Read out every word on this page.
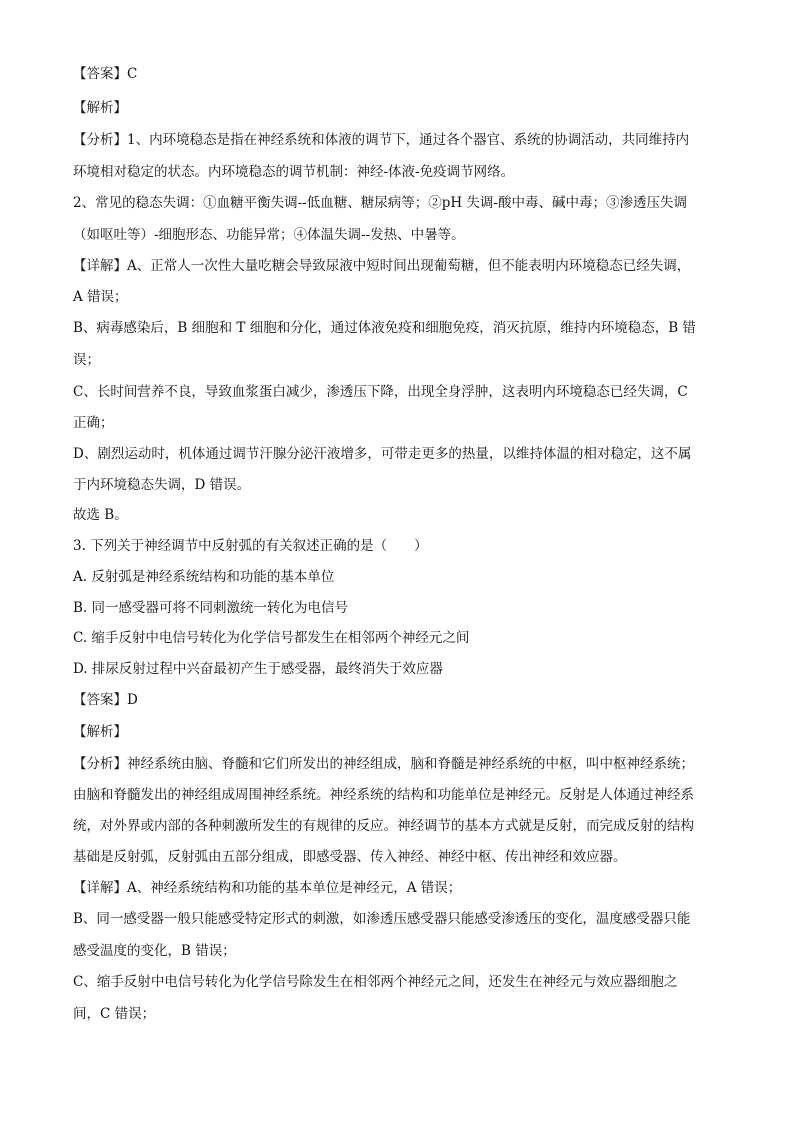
【答案】C
【解析】
【分析】1、内环境稳态是指在神经系统和体液的调节下，通过各个器官、系统的协调活动，共同维持内
环境相对稳定的状态。内环境稳态的调节机制：神经-体液-免疫调节网络。
2、常见的稳态失调：①血糖平衡失调--低血糖、糖尿病等；②pH 失调-酸中毒、碱中毒；③渗透压失调
（如呕吐等）-细胞形态、功能异常；④体温失调--发热、中暑等。
【详解】A、正常人一次性大量吃糖会导致尿液中短时间出现葡萄糖，但不能表明内环境稳态已经失调，
A 错误；
B、病毒感染后，B 细胞和 T 细胞和分化，通过体液免疫和细胞免疫，消灭抗原，维持内环境稳态，B 错
误；
C、长时间营养不良，导致血浆蛋白减少，渗透压下降，出现全身浮肿，这表明内环境稳态已经失调，C
正确；
D、剧烈运动时，机体通过调节汗腺分泌汗液增多，可带走更多的热量，以维持体温的相对稳定，这不属
于内环境稳态失调，D 错误。
故选 B。
3. 下列关于神经调节中反射弧的有关叙述正确的是（　　）
A. 反射弧是神经系统结构和功能的基本单位
B. 同一感受器可将不同刺激统一转化为电信号
C. 缩手反射中电信号转化为化学信号都发生在相邻两个神经元之间
D. 排尿反射过程中兴奋最初产生于感受器，最终消失于效应器
【答案】D
【解析】
【分析】神经系统由脑、脊髓和它们所发出的神经组成，脑和脊髓是神经系统的中枢，叫中枢神经系统；
由脑和脊髓发出的神经组成周围神经系统。神经系统的结构和功能单位是神经元。反射是人体通过神经系
统，对外界或内部的各种刺激所发生的有规律的反应。神经调节的基本方式就是反射，而完成反射的结构
基础是反射弧，反射弧由五部分组成，即感受器、传入神经、神经中枢、传出神经和效应器。
【详解】A、神经系统结构和功能的基本单位是神经元，A 错误；
B、同一感受器一般只能感受特定形式的刺激，如渗透压感受器只能感受渗透压的变化，温度感受器只能
感受温度的变化，B 错误；
C、缩手反射中电信号转化为化学信号除发生在相邻两个神经元之间，还发生在神经元与效应器细胞之
间，C 错误；
